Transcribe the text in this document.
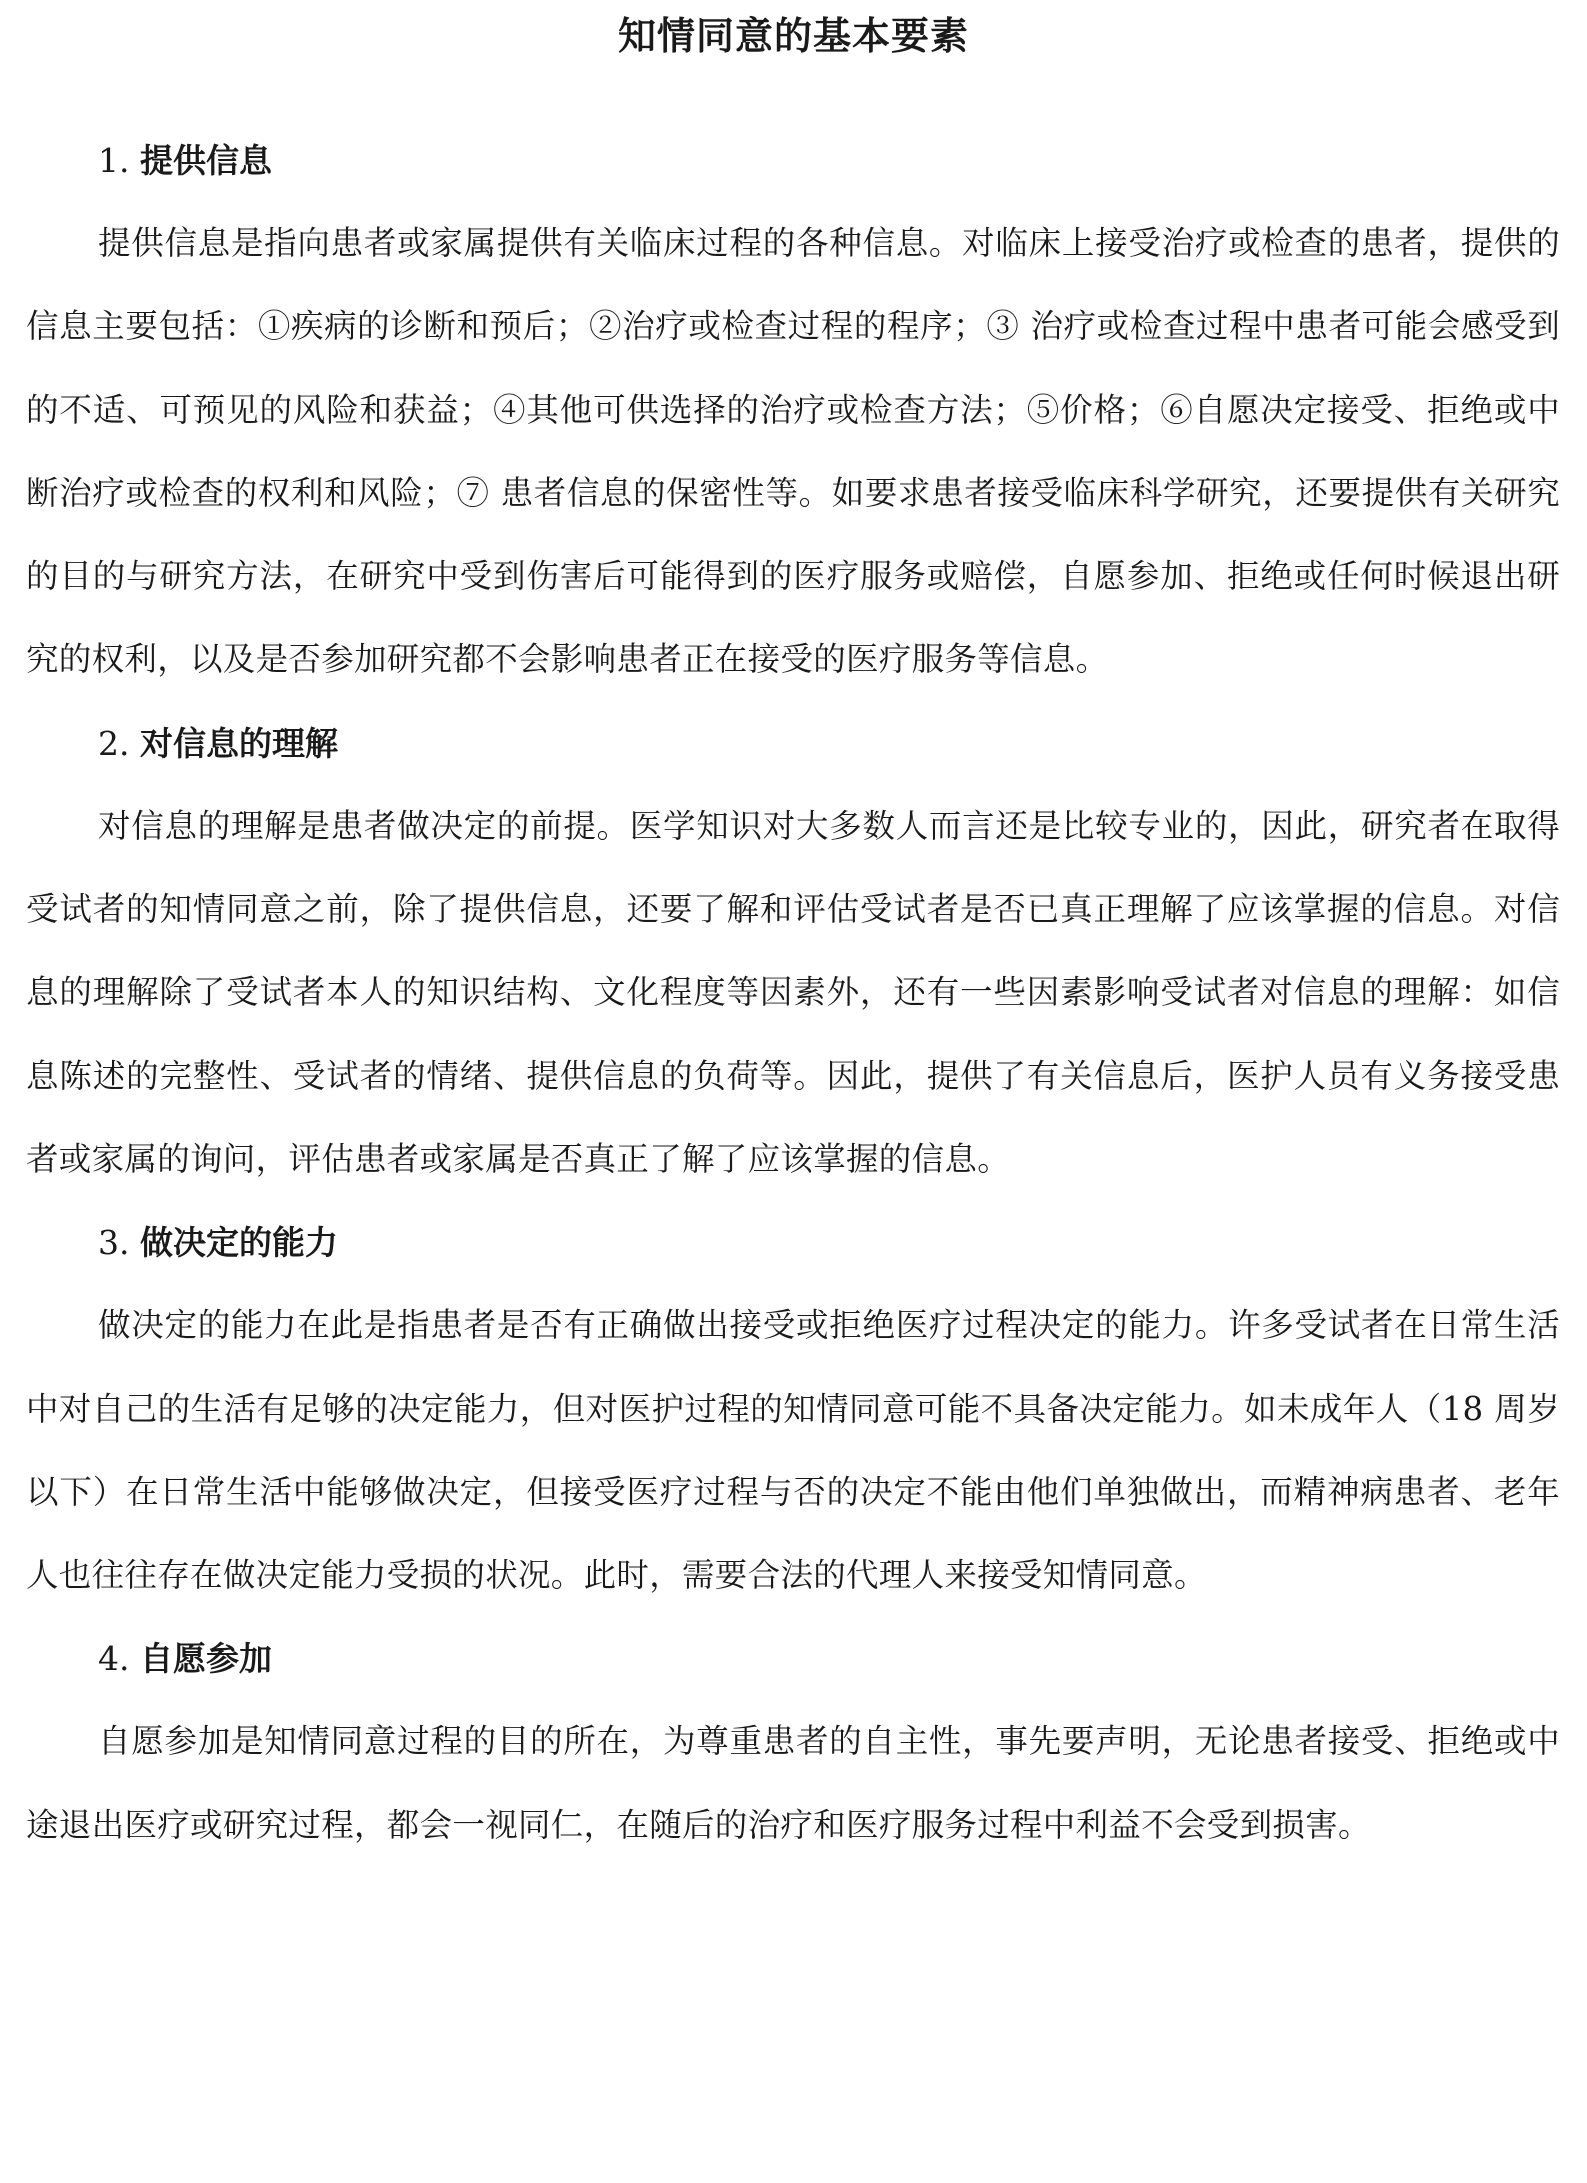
知情同意的基本要素
1. 提供信息

提供信息是指向患者或家属提供有关临床过程的各种信息。对临床上接受治疗或检查的患者，提供的信息主要包括：①疾病的诊断和预后；②治疗或检查过程的程序；③ 治疗或检查过程中患者可能会感受到的不适、可预见的风险和获益；④其他可供选择的治疗或检查方法；⑤价格；⑥自愿决定接受、拒绝或中断治疗或检查的权利和风险；⑦ 患者信息的保密性等。如要求患者接受临床科学研究，还要提供有关研究的目的与研究方法，在研究中受到伤害后可能得到的医疗服务或赔偿，自愿参加、拒绝或任何时候退出研究的权利，以及是否参加研究都不会影响患者正在接受的医疗服务等信息。

2. 对信息的理解

对信息的理解是患者做决定的前提。医学知识对大多数人而言还是比较专业的，因此，研究者在取得受试者的知情同意之前，除了提供信息，还要了解和评估受试者是否已真正理解了应该掌握的信息。对信息的理解除了受试者本人的知识结构、文化程度等因素外，还有一些因素影响受试者对信息的理解：如信息陈述的完整性、受试者的情绪、提供信息的负荷等。因此，提供了有关信息后，医护人员有义务接受患者或家属的询问，评估患者或家属是否真正了解了应该掌握的信息。

3. 做决定的能力

做决定的能力在此是指患者是否有正确做出接受或拒绝医疗过程决定的能力。许多受试者在日常生活中对自己的生活有足够的决定能力，但对医护过程的知情同意可能不具备决定能力。如未成年人（18 周岁以下）在日常生活中能够做决定，但接受医疗过程与否的决定不能由他们单独做出，而精神病患者、老年人也往往存在做决定能力受损的状况。此时，需要合法的代理人来接受知情同意。

4. 自愿参加

自愿参加是知情同意过程的目的所在，为尊重患者的自主性，事先要声明，无论患者接受、拒绝或中途退出医疗或研究过程，都会一视同仁，在随后的治疗和医疗服务过程中利益不会受到损害。
